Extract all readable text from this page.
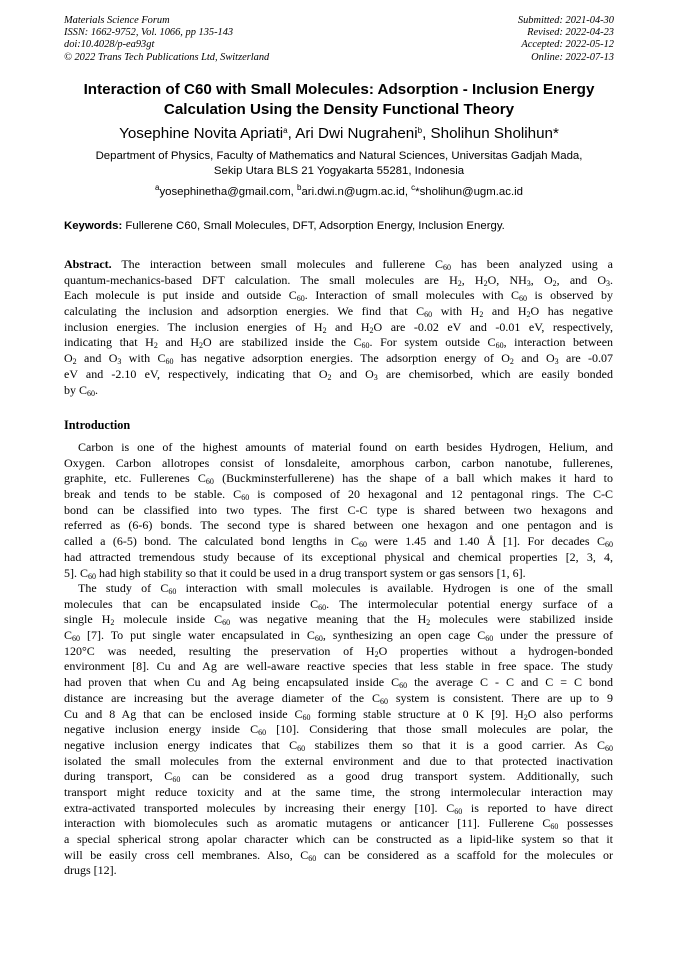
Materials Science Forum
ISSN: 1662-9752, Vol. 1066, pp 135-143
doi:10.4028/p-ea93gt
© 2022 Trans Tech Publications Ltd, Switzerland
Submitted: 2021-04-30
Revised: 2022-04-23
Accepted: 2022-05-12
Online: 2022-07-13
Interaction of C60 with Small Molecules: Adsorption - Inclusion Energy
Calculation Using the Density Functional Theory
Yosephine Novita Apriati$^a$, Ari Dwi Nugraheni$^b$, Sholihun Sholihun*
Department of Physics, Faculty of Mathematics and Natural Sciences, Universitas Gadjah Mada,
Sekip Utara BLS 21 Yogyakarta 55281, Indonesia
$^a$yosephinetha@gmail.com, $^b$ari.dwi.n@ugm.ac.id, $^c$*sholihun@ugm.ac.id
Keywords: Fullerene C60, Small Molecules, DFT, Adsorption Energy, Inclusion Energy.
Abstract. The interaction between small molecules and fullerene $C_{60}$ has been analyzed using a
quantum-mechanics-based DFT calculation. The small molecules are $H_2$, $H_2O$, $NH_3$, $O_2$, and $O_3$.
Each molecule is put inside and outside $C_{60}$. Interaction of small molecules with $C_{60}$ is observed by
calculating the inclusion and adsorption energies. We find that $C_{60}$ with $H_2$ and $H_2O$ has negative
inclusion energies. The inclusion energies of $H_2$ and $H_2O$ are -0.02 eV and -0.01 eV, respectively,
indicating that $H_2$ and $H_2O$ are stabilized inside the $C_{60}$. For system outside $C_{60}$, interaction between
$O_2$ and $O_3$ with $C_{60}$ has negative adsorption energies. The adsorption energy of $O_2$ and $O_3$ are -0.07
eV and -2.10 eV, respectively, indicating that $O_2$ and $O_3$ are chemisorbed, which are easily bonded
by $C_{60}$.
Introduction
Carbon is one of the highest amounts of material found on earth besides Hydrogen, Helium, and
Oxygen. Carbon allotropes consist of lonsdaleite, amorphous carbon, carbon nanotube, fullerenes,
graphite, etc. Fullerenes $C_{60}$ (Buckminsterfullerene) has the shape of a ball which makes it hard to
break and tends to be stable. $C_{60}$ is composed of 20 hexagonal and 12 pentagonal rings. The C-C
bond can be classified into two types. The first C-C type is shared between two hexagons and
referred as (6-6) bonds. The second type is shared between one hexagon and one pentagon and is
called a (6-5) bond. The calculated bond lengths in $C_{60}$ were 1.45 and 1.40 Å [1]. For decades $C_{60}$
had attracted tremendous study because of its exceptional physical and chemical properties [2, 3, 4,
5]. $C_{60}$ had high stability so that it could be used in a drug transport system or gas sensors [1, 6].
The study of $C_{60}$ interaction with small molecules is available. Hydrogen is one of the small
molecules that can be encapsulated inside $C_{60}$. The intermolecular potential energy surface of a
single $H_2$ molecule inside $C_{60}$ was negative meaning that the $H_2$ molecules were stabilized inside
$C_{60}$ [7]. To put single water encapsulated in $C_{60}$, synthesizing an open cage $C_{60}$ under the pressure of
120°C was needed, resulting the preservation of $H_2O$ properties without a hydrogen-bonded
environment [8]. Cu and Ag are well-aware reactive species that less stable in free space. The study
had proven that when Cu and Ag being encapsulated inside $C_{60}$ the average C - C and C = C bond
distance are increasing but the average diameter of the $C_{60}$ system is consistent. There are up to 9
Cu and 8 Ag that can be enclosed inside $C_{60}$ forming stable structure at 0 K [9]. $H_2O$ also performs
negative inclusion energy inside $C_{60}$ [10]. Considering that those small molecules are polar, the
negative inclusion energy indicates that $C_{60}$ stabilizes them so that it is a good carrier. As $C_{60}$
isolated the small molecules from the external environment and due to that protected inactivation
during transport, $C_{60}$ can be considered as a good drug transport system. Additionally, such
transport might reduce toxicity and at the same time, the strong intermolecular interaction may
extra-activated transported molecules by increasing their energy [10]. $C_{60}$ is reported to have direct
interaction with biomolecules such as aromatic mutagens or anticancer [11]. Fullerene $C_{60}$ possesses
a special spherical strong apolar character which can be constructed as a lipid-like system so that it
will be easily cross cell membranes. Also, $C_{60}$ can be considered as a scaffold for the molecules or
drugs [12].
